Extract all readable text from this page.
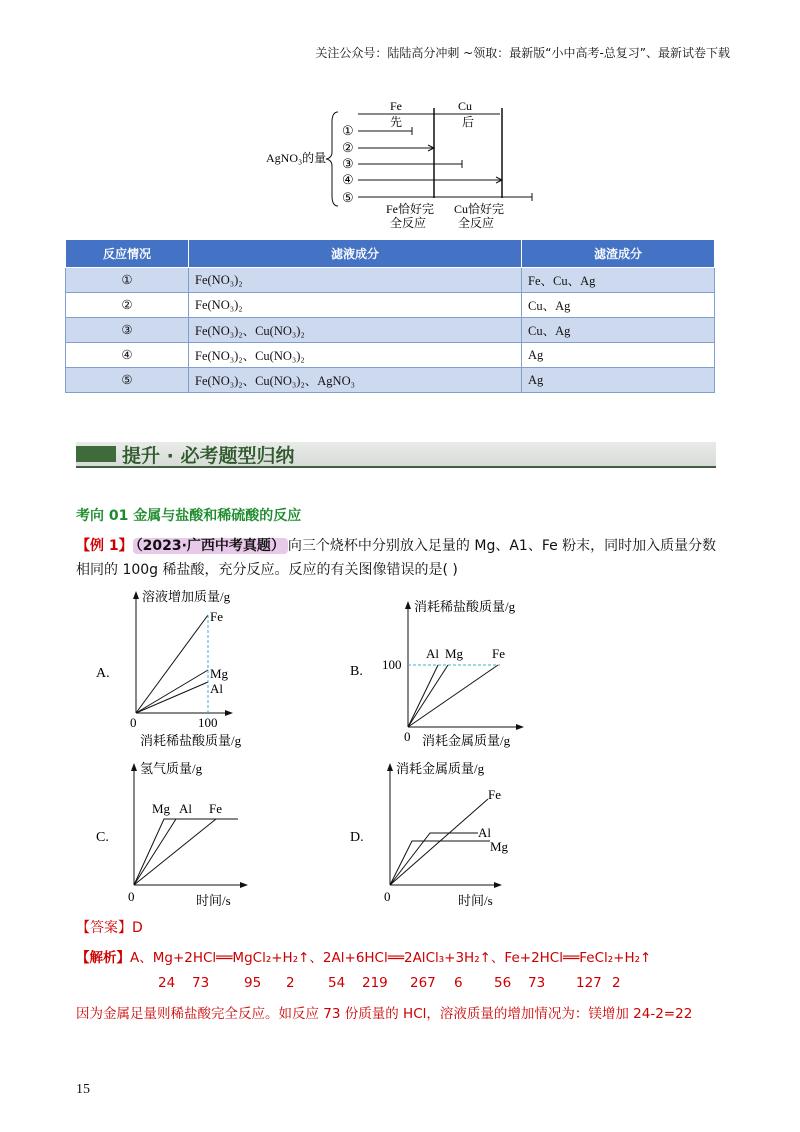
关注公众号：陆陆高分冲刺 ~领取：最新版“小中高考-总复习”、最新试卷下载
Fe
先
Cu
后
AgNO₃的量
①
②
③
④
⑤
Fe恰好完
全反应
Cu恰好完
全反应
反应情况	滤液成分	滤渣成分
①	Fe(NO₃)₂	Fe、Cu、Ag
②	Fe(NO₃)₂	Cu、Ag
③	Fe(NO₃)₂、Cu(NO₃)₂	Cu、Ag
④	Fe(NO₃)₂、Cu(NO₃)₂	Ag
⑤	Fe(NO₃)₂、Cu(NO₃)₂、AgNO₃	Ag
提升 · 必考题型归纳
考向 01 金属与盐酸和稀硫酸的反应
【例 1】 （2023·广西中考真题） 向三个烧杯中分别放入足量的 Mg、A1、Fe 粉末，同时加入质量分数相同的 100g 稀盐酸，充分反应。反应的有关图像错误的是( )
A.
溶液增加质量/g
Fe
Mg
Al
0	100
消耗稀盐酸质量/g
B.
消耗稀盐酸质量/g
100
Al Mg Fe
0 消耗金属质量/g
C.
氢气质量/g
Mg Al Fe
0	时间/s
D.
消耗金属质量/g
Fe
Al
Mg
0	时间/s
【答案】D
【解析】A、Mg+2HCl══MgCl₂+H₂↑、2Al+6HCl══2AlCl₃+3H₂↑、Fe+2HCl══FeCl₂+H₂↑
24 73	95 2 54 219 267 6 56 73 127 2
因为金属足量则稀盐酸完全反应。如反应 73 份质量的 HCl，溶液质量的增加情况为：镁增加 24-2=22
15
